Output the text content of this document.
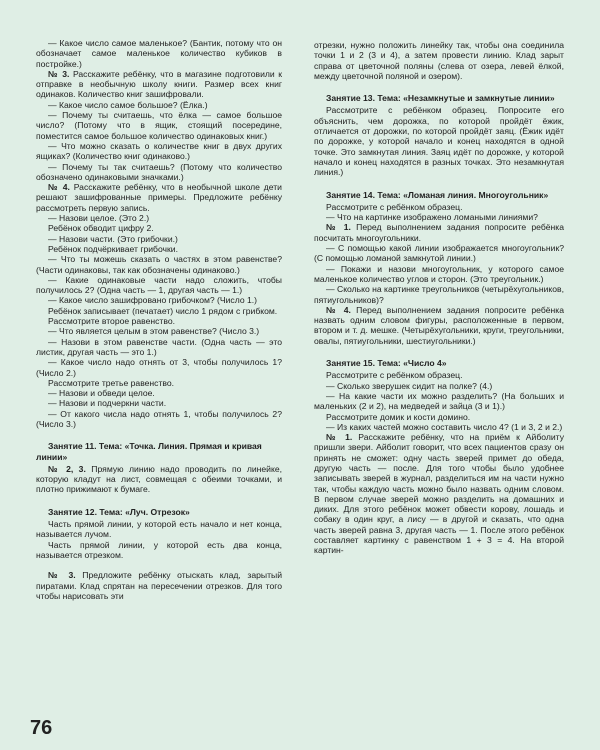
— Какое число самое маленькое? (Бантик, потому что он обозначает самое маленькое количество кубиков в постройке.)

№ 3. Расскажите ребёнку, что в магазине подготовили к отправке в необычную школу книги. Размер всех книг одинаков. Количество книг зашифровали.

— Какое число самое большое? (Ёлка.)

— Почему ты считаешь, что ёлка — самое большое число? (Потому что в ящик, стоящий посередине, поместится самое большое количество одинаковых книг.)

— Что можно сказать о количестве книг в двух других ящиках? (Количество книг одинаково.)

— Почему ты так считаешь? (Потому что количество обозначено одинаковыми значками.)

№ 4. Расскажите ребёнку, что в необычной школе дети решают зашифрованные примеры. Предложите ребёнку рассмотреть первую запись.

— Назови целое. (Это 2.)

Ребёнок обводит цифру 2.

— Назови части. (Это грибочки.)

Ребёнок подчёркивает грибочки.

— Что ты можешь сказать о частях в этом равенстве? (Части одинаковы, так как обозначены одинаково.)

— Какие одинаковые части надо сложить, чтобы получилось 2? (Одна часть — 1, другая часть — 1.)

— Какое число зашифровано грибочком? (Число 1.)

Ребёнок записывает (печатает) число 1 рядом с грибком.

Рассмотрите второе равенство.

— Что является целым в этом равенстве? (Число 3.)

— Назови в этом равенстве части. (Одна часть — это листик, другая часть — это 1.)

— Какое число надо отнять от 3, чтобы получилось 1? (Число 2.)

Рассмотрите третье равенство.

— Назови и обведи целое.

— Назови и подчеркни части.

— От какого числа надо отнять 1, чтобы получилось 2? (Число 3.)

Занятие 11. Тема: «Точка. Линия. Прямая и кривая линии»

№ 2, 3. Прямую линию надо проводить по линейке, которую кладут на лист, совмещая с обеими точками, и плотно прижимают к бумаге.

Занятие 12. Тема: «Луч. Отрезок»

Часть прямой линии, у которой есть начало и нет конца, называется лучом.

Часть прямой линии, у которой есть два конца, называется отрезком.

№ 3. Предложите ребёнку отыскать клад, зарытый пиратами. Клад спрятан на пересечении отрезков. Для того чтобы нарисовать эти

отрезки, нужно положить линейку так, чтобы она соединила точки 1 и 2 (3 и 4), а затем провести линию. Клад зарыт справа от цветочной поляны (слева от озера, левей ёлкой, между цветочной поляной и озером).

Занятие 13. Тема: «Незамкнутые и замкнутые линии»

Рассмотрите с ребёнком образец. Попросите его объяснить, чем дорожка, по которой пройдёт ёжик, отличается от дорожки, по которой пройдёт заяц. (Ёжик идёт по дорожке, у которой начало и конец находятся в одной точке. Это замкнутая линия. Заяц идёт по дорожке, у которой начало и конец находятся в разных точках. Это незамкнутая линия.)

Занятие 14. Тема: «Ломаная линия. Многоугольник»

Рассмотрите с ребёнком образец.

— Что на картинке изображено ломаными линиями?

№ 1. Перед выполнением задания попросите ребёнка посчитать многоугольники.

— С помощью какой линии изображается многоугольник? (С помощью ломаной замкнутой линии.)

— Покажи и назови многоугольник, у которого самое маленькое количество углов и сторон. (Это треугольник.)

— Сколько на картинке треугольников (четырёхугольников, пятиугольников)?

№ 4. Перед выполнением задания попросите ребёнка назвать одним словом фигуры, расположенные в первом, втором и т. д. мешке. (Четырёхугольники, круги, треугольники, овалы, пятиугольники, шестиугольники.)

Занятие 15. Тема: «Число 4»

Рассмотрите с ребёнком образец.

— Сколько зверушек сидит на полке? (4.)

— На какие части их можно разделить? (На больших и маленьких (2 и 2), на медведей и зайца (3 и 1).)

Рассмотрите домик и кости домино.

— Из каких частей можно составить число 4? (1 и 3, 2 и 2.)

№ 1. Расскажите ребёнку, что на приём к Айболиту пришли звери. Айболит говорит, что всех пациентов сразу он принять не сможет: одну часть зверей примет до обеда, другую часть — после. Для того чтобы было удобнее записывать зверей в журнал, разделиться им на части нужно так, чтобы каждую часть можно было назвать одним словом. В первом случае зверей можно разделить на домашних и диких. Для этого ребёнок может обвести корову, лошадь и собаку в один круг, а лису — в другой и сказать, что одна часть зверей равна 3, другая часть — 1. После этого ребёнок составляет картинку с равенством 1 + 3 = 4. На второй картин-

76
